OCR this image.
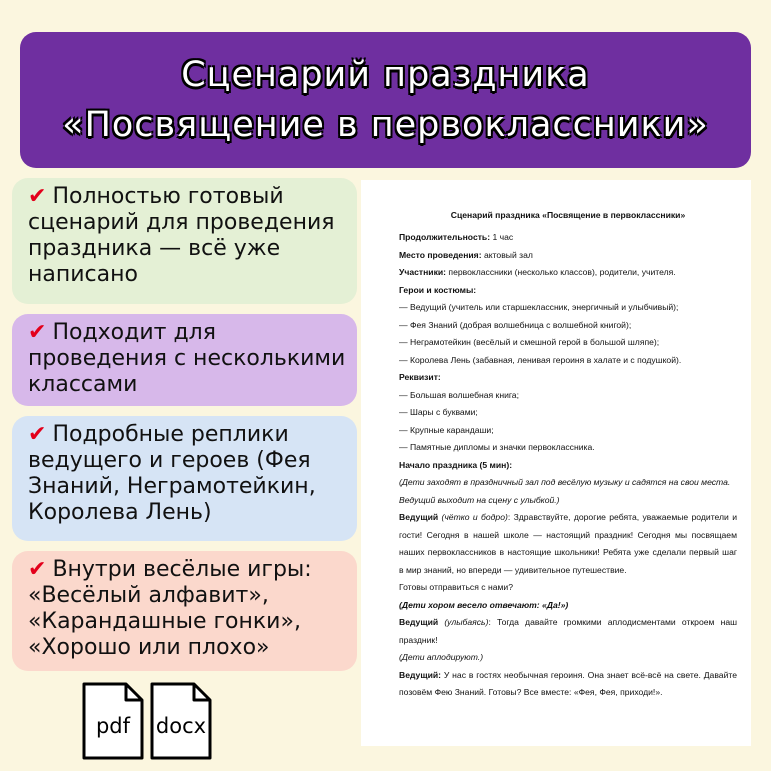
Сценарий праздника
«Посвящение в первоклассники»
✔ Полностью готовый сценарий для проведения праздника — всё уже написано
✔ Подходит для проведения с несколькими классами
✔ Подробные реплики ведущего и героев (Фея Знаний, Неграмотейкин, Королева Лень)
✔ Внутри весёлые игры: «Весёлый алфавит», «Карандашные гонки», «Хорошо или плохо»
pdf	docx
Сценарий праздника «Посвящение в первоклассники»
Продолжительность: 1 час
Место проведения: актовый зал
Участники: первоклассники (несколько классов), родители, учителя.
Герои и костюмы:
— Ведущий (учитель или старшеклассник, энергичный и улыбчивый);
— Фея Знаний (добрая волшебница с волшебной книгой);
— Неграмотейкин (весёлый и смешной герой в большой шляпе);
— Королева Лень (забавная, ленивая героиня в халате и с подушкой).
Реквизит:
— Большая волшебная книга;
— Шары с буквами;
— Крупные карандаши;
— Памятные дипломы и значки первоклассника.
Начало праздника (5 мин):
(Дети заходят в праздничный зал под весёлую музыку и садятся на свои места.
Ведущий выходит на сцену с улыбкой.)
Ведущий (чётко и бодро): Здравствуйте, дорогие ребята, уважаемые родители и
гости! Сегодня в нашей школе — настоящий праздник! Сегодня мы посвящаем
наших первоклассников в настоящие школьники! Ребята уже сделали первый шаг
в мир знаний, но впереди — удивительное путешествие.
Готовы отправиться с нами?
(Дети хором весело отвечают: «Да!»)
Ведущий (улыбаясь): Тогда давайте громкими аплодисментами откроем наш
праздник!
(Дети аплодируют.)
Ведущий: У нас в гостях необычная героиня. Она знает всё-всё на свете. Давайте
позовём Фею Знаний. Готовы? Все вместе: «Фея, Фея, приходи!».
